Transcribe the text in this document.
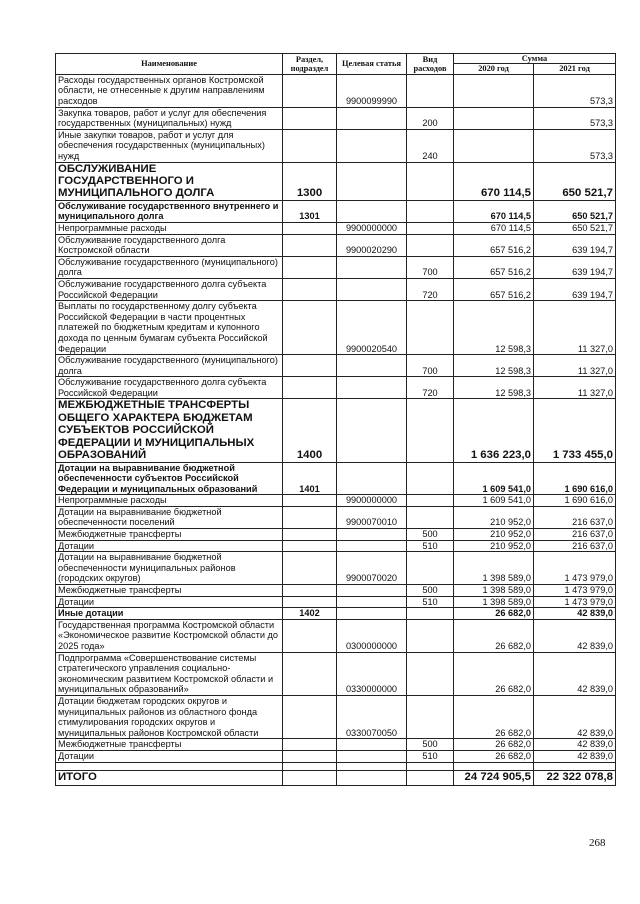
Наименование	Раздел, подраздел	Целевая статья	Вид расходов	Сумма	
				2020 год	2021 год
Расходы государственных органов Костромской области, не отнесенные к другим направлениям расходов		9900099990			573,3
Закупка товаров, работ и услуг для обеспечения государственных (муниципальных) нужд			200		573,3
Иные закупки товаров, работ и услуг для обеспечения государственных (муниципальных) нужд			240		573,3
ОБСЛУЖИВАНИЕ ГОСУДАРСТВЕННОГО И МУНИЦИПАЛЬНОГО ДОЛГА	1300			670 114,5	650 521,7
Обслуживание государственного внутреннего и муниципального долга	1301			670 114,5	650 521,7
Непрограммные расходы		9900000000		670 114,5	650 521,7
Обслуживание государственного долга Костромской области		9900020290		657 516,2	639 194,7
Обслуживание государственного (муниципального) долга			700	657 516,2	639 194,7
Обслуживание государственного долга субъекта Российской Федерации			720	657 516,2	639 194,7
Выплаты по государственному долгу субъекта Российской Федерации в части процентных платежей по бюджетным кредитам и купонного дохода по ценным бумагам субъекта Российской Федерации		9900020540		12 598,3	11 327,0
Обслуживание государственного (муниципального) долга			700	12 598,3	11 327,0
Обслуживание государственного долга субъекта Российской Федерации			720	12 598,3	11 327,0
МЕЖБЮДЖЕТНЫЕ ТРАНСФЕРТЫ ОБЩЕГО ХАРАКТЕРА БЮДЖЕТАМ СУБЪЕКТОВ РОССИЙСКОЙ ФЕДЕРАЦИИ И МУНИЦИПАЛЬНЫХ ОБРАЗОВАНИЙ	1400			1 636 223,0	1 733 455,0
Дотации на выравнивание бюджетной обеспеченности субъектов Российской Федерации и муниципальных образований	1401			1 609 541,0	1 690 616,0
Непрограммные расходы		9900000000		1 609 541,0	1 690 616,0
Дотации на выравнивание бюджетной обеспеченности поселений		9900070010		210 952,0	216 637,0
Межбюджетные трансферты			500	210 952,0	216 637,0
Дотации			510	210 952,0	216 637,0
Дотации на выравнивание бюджетной обеспеченности муниципальных районов (городских округов)		9900070020		1 398 589,0	1 473 979,0
Межбюджетные трансферты			500	1 398 589,0	1 473 979,0
Дотации			510	1 398 589,0	1 473 979,0
Иные дотации	1402			26 682,0	42 839,0
Государственная программа Костромской области «Экономическое развитие Костромской области до 2025 года»		0300000000		26 682,0	42 839,0
Подпрограмма «Совершенствование системы стратегического управления социально-экономическим развитием Костромской области и муниципальных образований»		0330000000		26 682,0	42 839,0
Дотации бюджетам городских округов и муниципальных районов из областного фонда стимулирования городских округов и муниципальных районов Костромской области		0330070050		26 682,0	42 839,0
Межбюджетные трансферты			500	26 682,0	42 839,0
Дотации			510	26 682,0	42 839,0

ИТОГО				24 724 905,5	22 322 078,8
268
